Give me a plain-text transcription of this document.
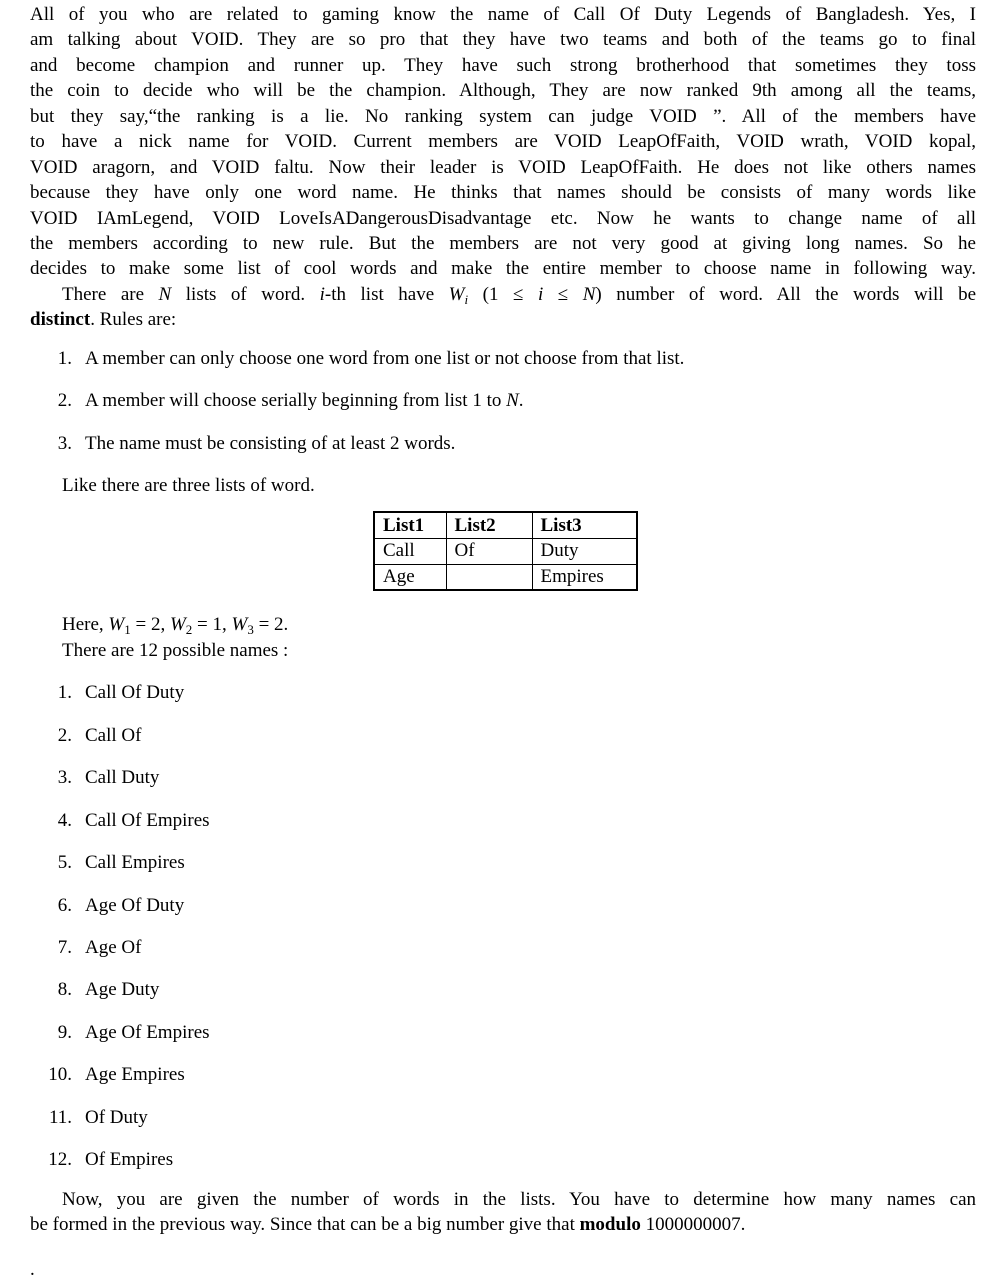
All of you who are related to gaming know the name of Call Of Duty Legends of Bangladesh. Yes, I
am talking about VOID. They are so pro that they have two teams and both of the teams go to final
and become champion and runner up. They have such strong brotherhood that sometimes they toss
the coin to decide who will be the champion. Although, They are now ranked 9th among all the teams,
but they say,“the ranking is a lie. No ranking system can judge VOID ”. All of the members have
to have a nick name for VOID. Current members are VOID LeapOfFaith, VOID wrath, VOID kopal,
VOID aragorn, and VOID faltu. Now their leader is VOID LeapOfFaith. He does not like others names
because they have only one word name. He thinks that names should be consists of many words like
VOID IAmLegend, VOID LoveIsADangerousDisadvantage etc. Now he wants to change name of all
the members according to new rule. But the members are not very good at giving long names. So he
decides to make some list of cool words and make the entire member to choose name in following way.
There are N lists of word. i-th list have $W_i$ (1 ≤ i ≤ N) number of word. All the words will be
distinct. Rules are:
1. A member can only choose one word from one list or not choose from that list.
2. A member will choose serially beginning from list 1 to N.
3. The name must be consisting of at least 2 words.
Like there are three lists of word.
List1	List2	List3
Call	Of	Duty
Age		Empires
Here, $W_1 = 2$, $W_2 = 1$, $W_3 = 2$.
There are 12 possible names :
1. Call Of Duty
2. Call Of
3. Call Duty
4. Call Of Empires
5. Call Empires
6. Age Of Duty
7. Age Of
8. Age Duty
9. Age Of Empires
10. Age Empires
11. Of Duty
12. Of Empires
Now, you are given the number of words in the lists. You have to determine how many names can
be formed in the previous way. Since that can be a big number give that modulo 1000000007.
.
